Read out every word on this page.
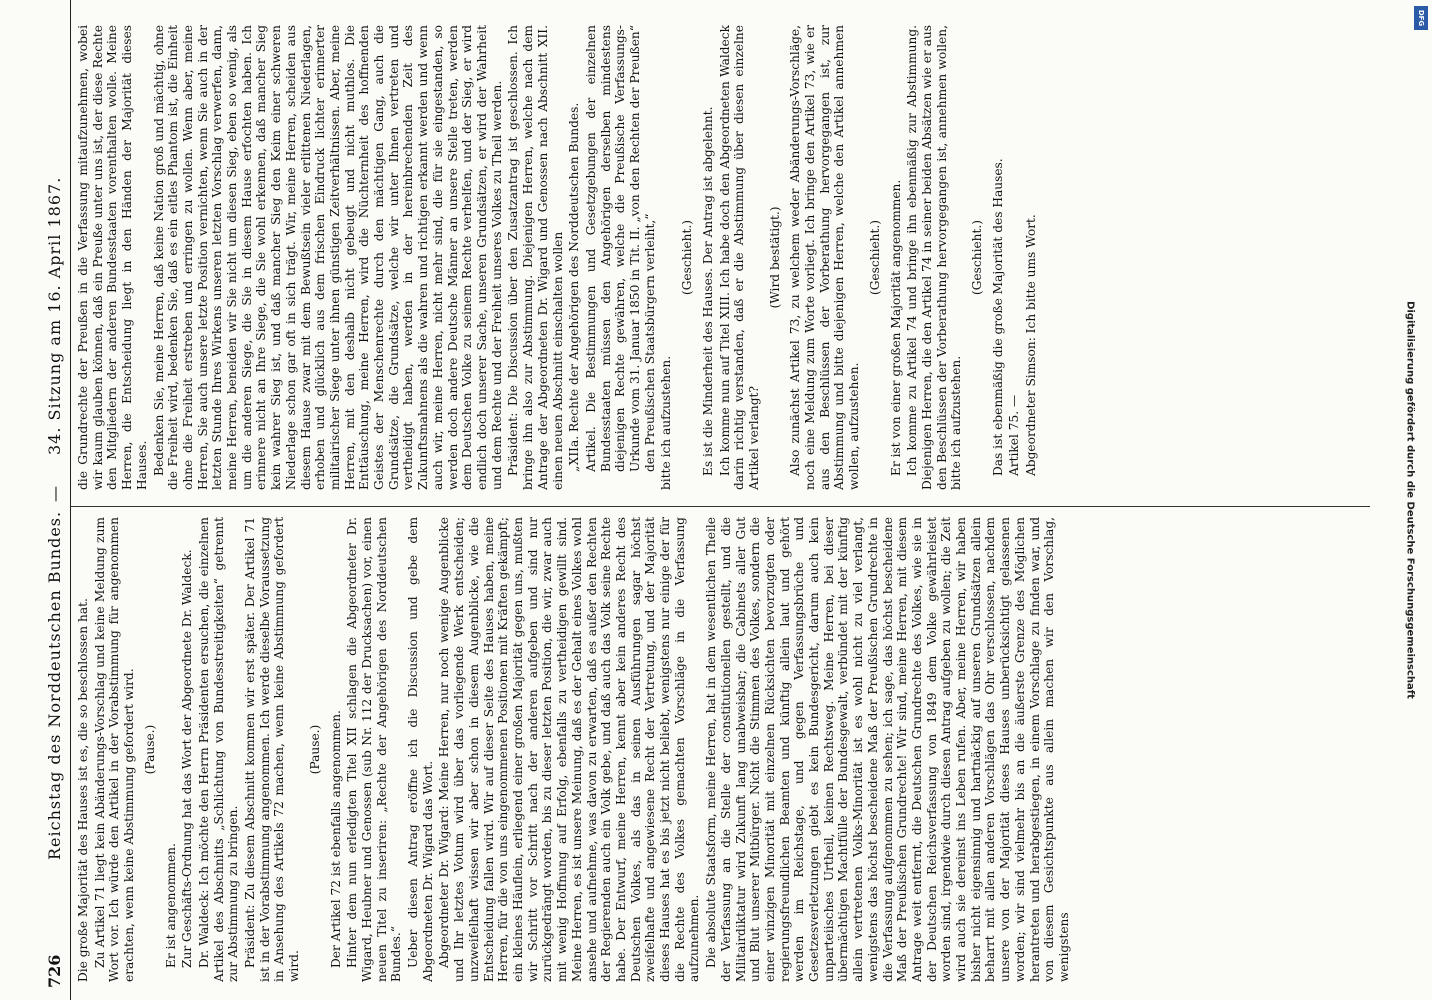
726
Reichstag des Norddeutschen Bundes.
—
34. Sitzung am 16. April 1867.

Die große Majorität des Hauses ist es, die so beschlossen hat. Zu Artikel 71 liegt kein Abänderungs-Vorschlag und keine Meldung zum Wort vor. Ich würde den Artikel in der Vorabstimmung für angenommen erachten, wenn keine Abstimmung gefordert wird. (Pause.)

Er ist angenommen. Zur Geschäfts-Ordnung hat das Wort der Abgeordnete Dr. Waldeck. Dr. Waldeck: Ich möchte den Herrn Präsidenten ersuchen, die einzelnen Artikel des Abschnitts „Schlichtung von Bundesstreitigkeiten“ getrennt zur Abstimmung zu bringen. Präsident: Zu diesem Abschnitt kommen wir erst später. Der Artikel 71 ist in der Vorabstimmung angenommen. Ich werde dieselbe Voraussetzung in Ansehung des Artikels 72 machen, wenn keine Abstimmung gefordert wird.

(Pause.) Der Artikel 72 ist ebenfalls angenommen. Hinter dem nun erledigten Titel XII schlagen die Abgeordneter Dr. Wigard, Heubner und Genossen (sub Nr. 112 der Drucksachen) vor, einen neuen Titel zu inseriren: „Rechte der Angehörigen des Norddeutschen Bundes.“ Ueber diesen Antrag eröffne ich die Discussion und gebe dem Abgeordneten Dr. Wigard das Wort. Abgeordneter Dr. Wigard: Meine Herren, nur noch wenige Augenblicke und Ihr letztes Votum wird über das vorliegende Werk entscheiden; unzweifelhaft wissen wir aber schon in diesem Augenblicke, wie die Entscheidung fallen wird. Wir auf dieser Seite des Hauses haben, meine Herren, für die von uns eingenommenen Positionen mit Kräften gekämpft; ein kleines Häuflein, erliegend einer großen Majorität gegen uns, mußten wir Schritt vor Schritt nach der anderen aufgeben und sind nur zurückgedrängt worden, bis zu dieser letzten Position, die wir, zwar auch mit wenig Hoffnung auf Erfolg, ebenfalls zu vertheidigen gewillt sind. Meine Herren, es ist unsere Meinung, daß es der Gehalt eines Volkes wohl ansehe und aufnehme, was davon zu erwarten, daß es außer den Rechten der Regierenden auch ein Volk gebe, und daß auch das Volk seine Rechte habe. Der Entwurf, meine Herren, kennt aber kein anderes Recht des Deutschen Volkes, als das in seinen Ausführungen sagar höchst zweifelhafte und angewiesene Recht der Vertretung, und der Majorität dieses Hauses hat es bis jetzt nicht beliebt, wenigstens nur einige der für die Rechte des Volkes gemachten Vorschläge in die Verfassung aufzunehmen. Die absolute Staatsform, meine Herren, hat in dem wesentlichen Theile der Verfassung an die Stelle der constitutionellen gestellt, und die Militairdiktatur wird Zukunft lang unabweisbar; die Cabinets aller Gut und Blut unserer Mitbürger. Nicht die Stimmen des Volkes, sondern die einer winzigen Minorität mit einzelnen Rücksichten bevorzugten oder regierungsfreundlichen Beamten und künftig allein laut und gehört werden im Reichstage, und gegen Verfassungsbrüche und Gesetzesverletzungen giebt es kein Bundesgericht, darum auch kein unparteiisches Urtheil, keinen Rechtsweg. Meine Herren, bei dieser übermächtigen Machtfülle der Bundesgewalt, verbündet mit der künftig allein vertretenen Volks-Minorität ist es wohl nicht zu viel verlangt, wenigstens das höchst bescheidene Maß der Preußischen Grundrechte in die Verfassung aufgenommen zu sehen; ich sage, das höchst bescheidene Maß der Preußischen Grundrechte! Wir sind, meine Herren, mit diesem Antrage weit entfernt, die Deutschen Grundrechte des Volkes, wie sie in der Deutschen Reichsverfassung von 1849 dem Volke gewährleistet worden sind, irgendwie durch diesen Antrag aufgeben zu wollen; die Zeit wird auch sie dereinst ins Leben rufen. Aber, meine Herren, wir haben bisher nicht eigensinnig und hartnäckig auf unseren Grundsätzen allein beharrt mit allen anderen Vorschlägen das Ohr verschlossen, nachdem unsere von der Majorität dieses Hauses unberücksichtigt gelassenen worden; wir sind vielmehr bis an die äußerste Grenze des Möglichen herantreten und herabgestiegen, in einem Vorschlage zu finden war, und von diesem Gesichtspunkte aus allein machen wir den Vorschlag, wenigstens

die Grundrechte der Preußen in die Verfassung mitaufzunehmen, wobei wir kaum glauben können, daß ein Preuße unter uns ist, der diese Rechte den Mitgliedern der anderen Bundesstaaten vorenthalten wolle. Meine Herren, die Entscheidung liegt in den Händen der Majorität dieses Hauses. Bedenken Sie, meine Herren, daß keine Nation groß und mächtig, ohne die Freiheit wird, bedenken Sie, daß es ein eitles Phantom ist, die Einheit ohne die Freiheit erstreben und erringen zu wollen. Wenn aber, meine Herren, Sie auch unsere letzte Position vernichten, wenn Sie auch in der letzten Stunde Ihres Wirkens unseren letzten Vorschlag verwerfen, dann, meine Herren, beneiden wir Sie nicht um diesen Sieg, eben so wenig, als um die anderen Siege, die Sie in diesem Hause erfochten haben. Ich erinnere nicht an Ihre Siege, die Sie wohl erkennen, daß mancher Sieg kein wahrer Sieg ist, und daß mancher Sieg den Keim einer schweren Niederlage schon gar oft in sich trägt. Wir, meine Herren, scheiden aus diesem Hause zwar mit dem Bewußtsein vieler erlittenen Niederlagen, erhoben und glücklich aus dem frischen Eindruck lichter erinnerter militairischer Siege unter ihnen günstigen Zeitverhältnissen. Aber, meine Herren, mit den deshalb nicht gebeugt und nicht muthlos. Die Enttäuschung, meine Herren, wird die Nüchternheit des hoffnenden Geistes der Menschenrechte durch den mächtigen Gang, auch die Grundsätze, die Grundsätze, welche wir unter Ihnen vertreten und vertheidigt haben, werden in der hereinbrechenden Zeit des Zukunftsmahnens als die wahren und richtigen erkannt werden und wenn auch wir, meine Herren, nicht mehr sind, die für sie eingestanden, so werden doch andere Deutsche Männer an unsere Stelle treten, werden dem Deutschen Volke zu seinem Rechte verhelfen, und der Sieg, er wird endlich doch unserer Sache, unseren Grundsätzen, er wird der Wahrheit und dem Rechte und der Freiheit unseres Volkes zu Theil werden. Präsident: Die Discussion über den Zusatzantrag ist geschlossen. Ich bringe ihn also zur Abstimmung. Diejenigen Herren, welche nach dem Antrage der Abgeordneten Dr. Wigard und Genossen nach Abschnitt XII. einen neuen Abschnitt einschalten wollen „XIIa. Rechte der Angehörigen des Norddeutschen Bundes. Artikel. Die Bestimmungen und Gesetzgebungen der einzelnen Bundesstaaten müssen den Angehörigen derselben mindestens diejenigen Rechte gewähren, welche die Preußische Verfassungs-Urkunde vom 31. Januar 1850 in Tit. II. „von den Rechten der Preußen“ den Preußischen Staatsbürgern verleiht,“ bitte ich aufzustehen.

(Geschieht.) Es ist die Minderheit des Hauses. Der Antrag ist abgelehnt. Ich komme nun auf Titel XIII. Ich habe doch den Abgeordneten Waldeck darin richtig verstanden, daß er die Abstimmung über diesen einzelne Artikel verlangt?

(Wird bestätigt.) Also zunächst Artikel 73, zu welchem weder Abänderungs-Vorschläge, noch eine Meldung zum Worte vorliegt. Ich bringe den Artikel 73, wie er aus den Beschlüssen der Vorberathung hervorgegangen ist, zur Abstimmung und bitte diejenigen Herren, welche den Artikel annehmen wollen, aufzustehen.

(Geschieht.) Er ist von einer großen Majorität angenommen. Ich komme zu Artikel 74 und bringe ihn ebenmäßig zur Abstimmung. Diejenigen Herren, die den Artikel 74 in seiner beiden Absätzen wie er aus den Beschlüssen der Vorberathung hervorgegangen ist, annehmen wollen, bitte ich aufzustehen.

(Geschieht.) Das ist ebenmäßig die große Majorität des Hauses. Artikel 75. — Abgeordneter Simson: Ich bitte ums Wort.	Digitalisierung gefördert durch die Deutsche Forschungsgemeinschaft
DFG
